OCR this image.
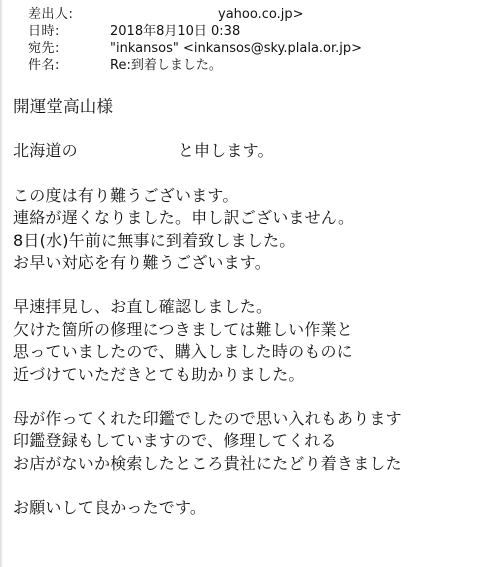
差出人:	yahoo.co.jp>
日時:	2018年8月10日 0:38
宛先:	"inkansos" <inkansos@sky.plala.or.jp>
件名:	Re:到着しました。
開運堂高山様
北海道の	と申します。
この度は有り難うございます。
連絡が遅くなりました。申し訳ございません。
8日(水)午前に無事に到着致しました。
お早い対応を有り難うございます。
早速拝見し、お直し確認しました。
欠けた箇所の修理につきましては難しい作業と
思っていましたので、購入しました時のものに
近づけていただきとても助かりました。
母が作ってくれた印鑑でしたので思い入れもあります
印鑑登録もしていますので、修理してくれる
お店がないか検索したところ貴社にたどり着きました
お願いして良かったです。
